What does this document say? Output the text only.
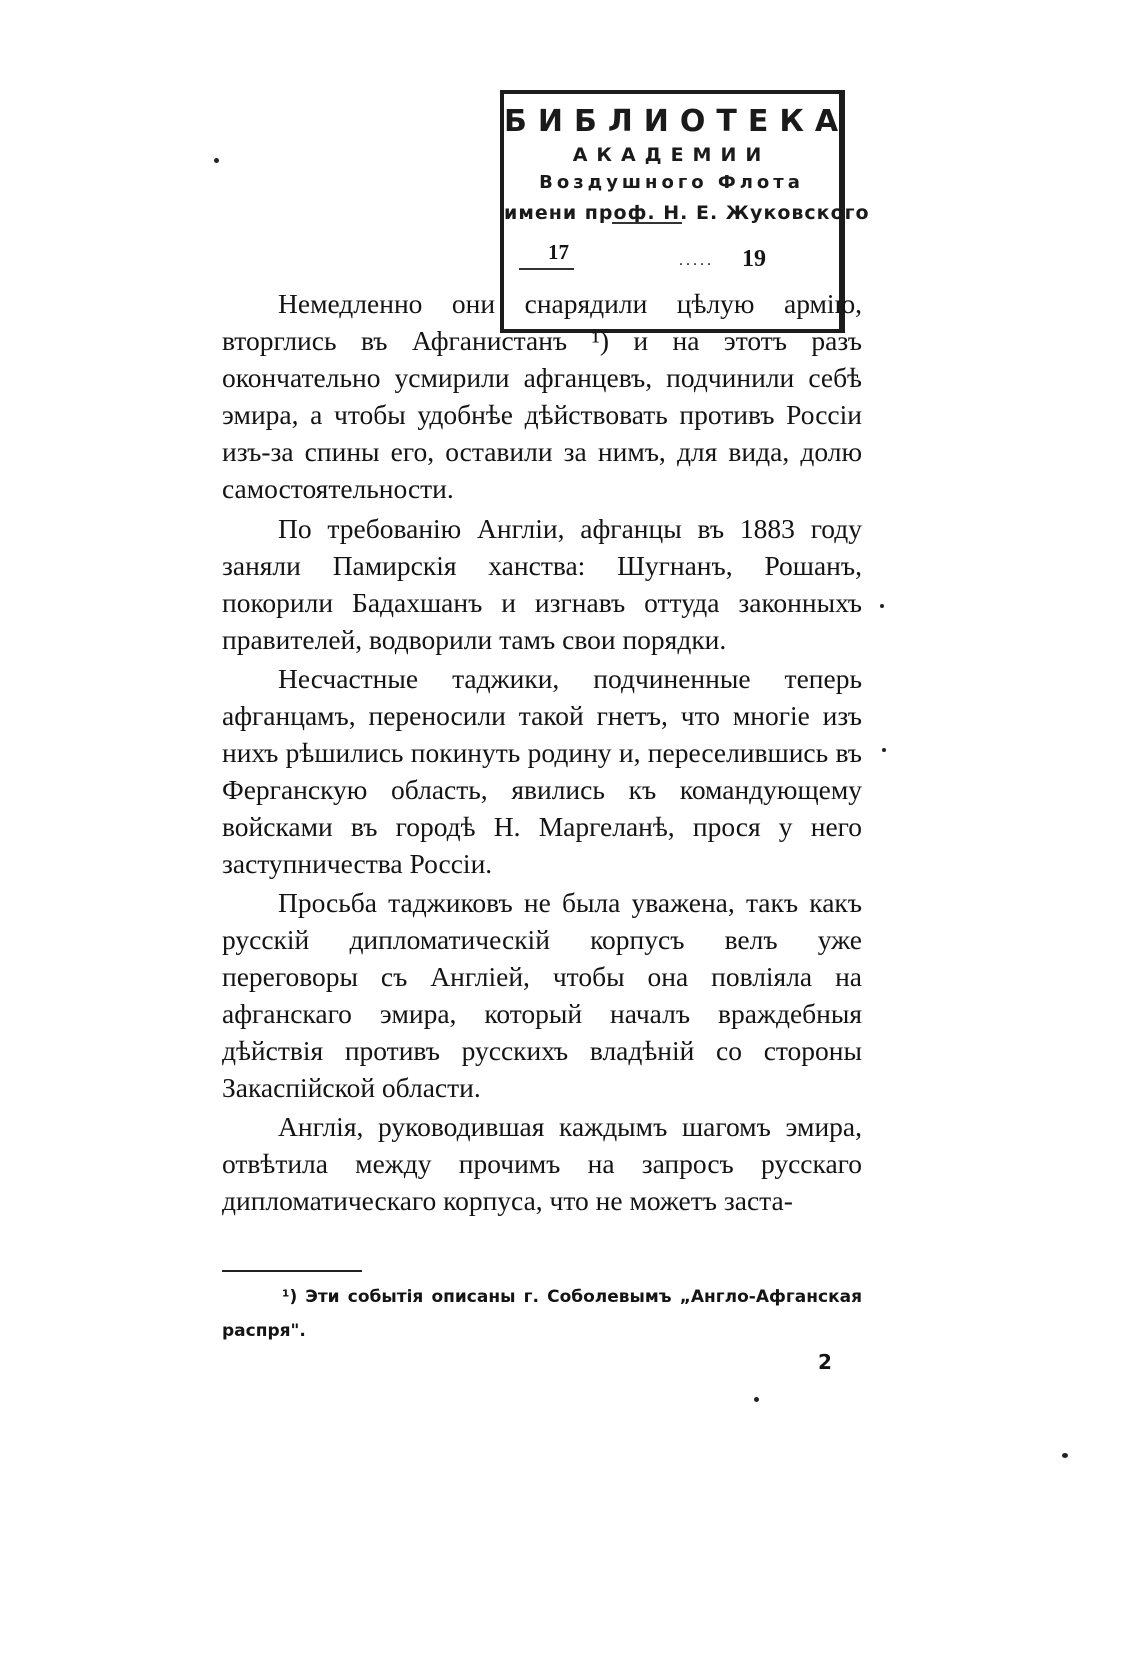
БИБЛИОТЕКА
АКАДЕМИИ
Воздушного Флота
имени проф. Н. Е. Жуковского
17	..... 19

Немедленно они снарядили цѣлую армію, вторглись въ Афганистанъ ¹) и на этотъ разъ окончательно усмирили афганцевъ, подчинили себѣ эмира, а чтобы удобнѣе дѣйствовать противъ Россіи изъ-за спины его, оставили за нимъ, для вида, долю самостоятельности.

По требованію Англіи, афганцы въ 1883 году заняли Памирскія ханства: Шугнанъ, Рошанъ, покорили Бадахшанъ и изгнавъ оттуда законныхъ правителей, водворили тамъ свои порядки.

Несчастные таджики, подчиненные теперь афганцамъ, переносили такой гнетъ, что многіе изъ нихъ рѣшились покинуть родину и, переселившись въ Ферганскую область, явились къ командующему войсками въ городѣ Н. Маргеланѣ, прося у него заступничества Россіи.

Просьба таджиковъ не была уважена, такъ какъ русскій дипломатическій корпусъ велъ уже переговоры съ Англіей, чтобы она повліяла на афганскаго эмира, который началъ враждебныя дѣйствія противъ русскихъ владѣній со стороны Закаспійской области.

Англія, руководившая каждымъ шагомъ эмира, отвѣтила между прочимъ на запросъ русскаго дипломатическаго корпуса, что не можетъ заста-

¹) Эти событія описаны г. Соболевымъ „Англо-Афганская распря".

2
